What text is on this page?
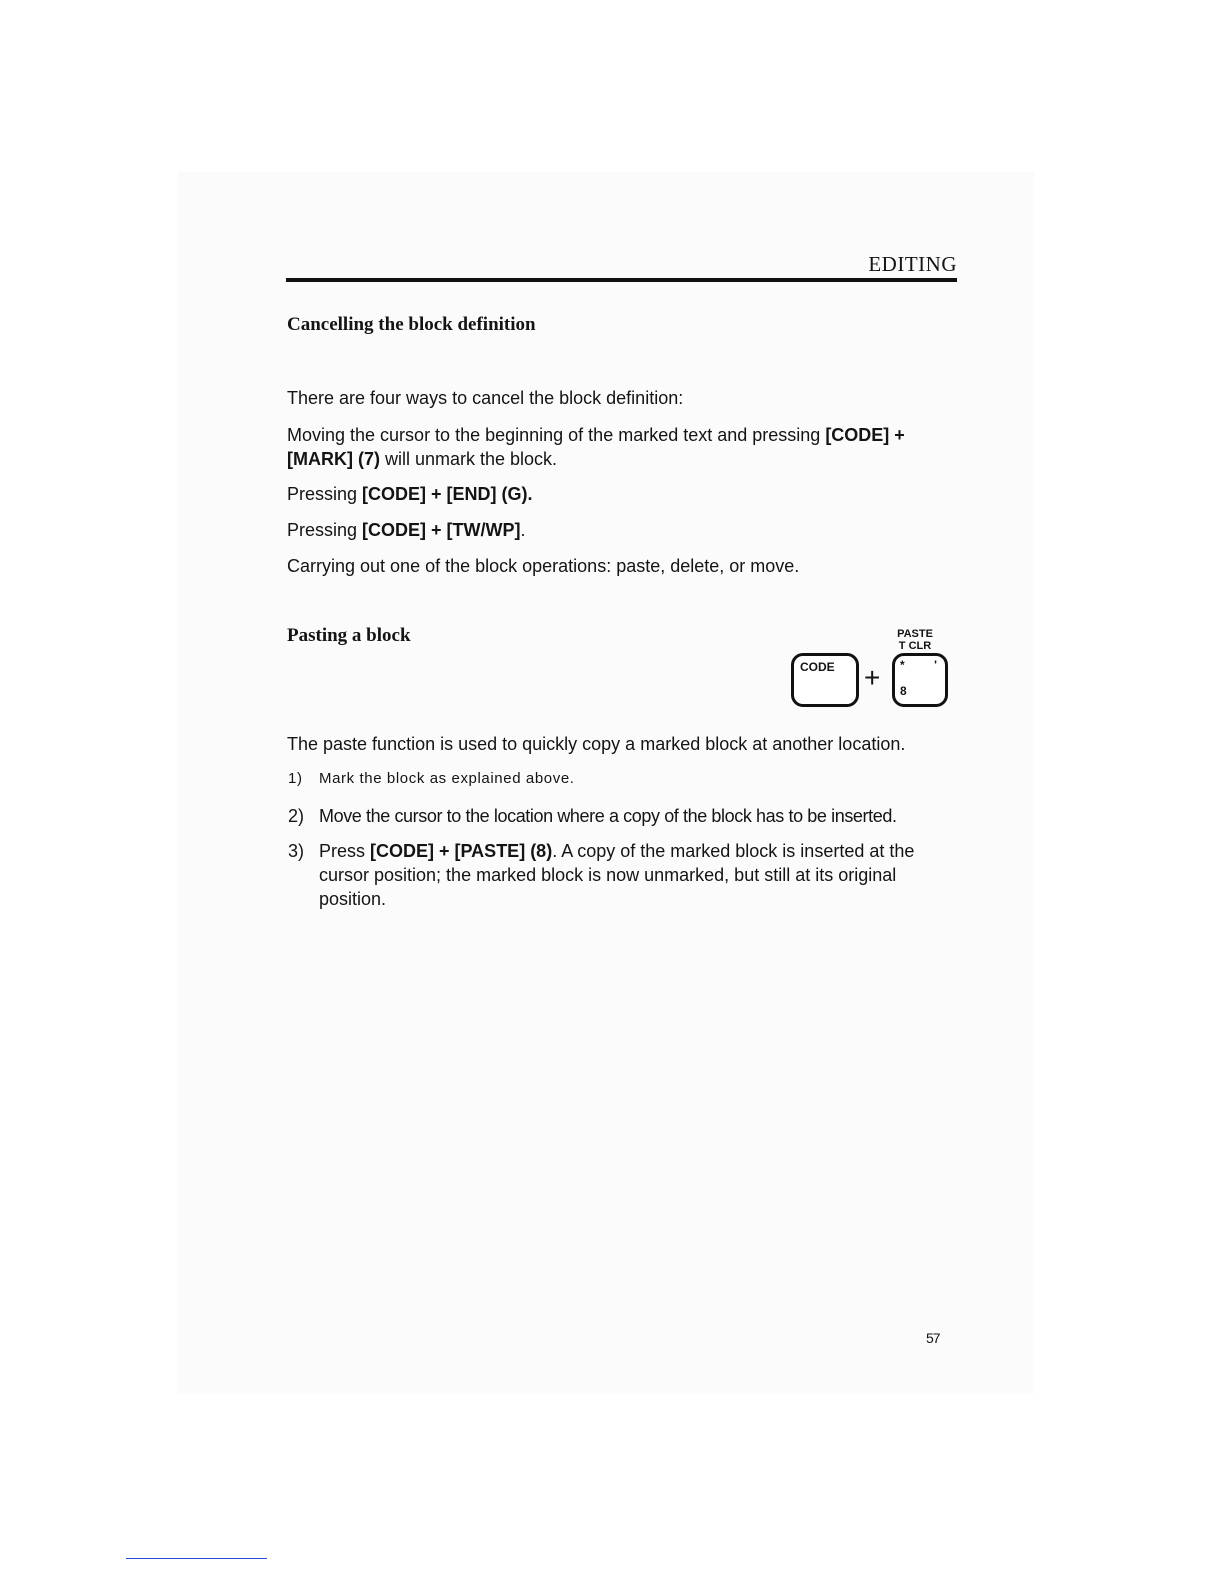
EDITING
Cancelling the block definition

There are four ways to cancel the block definition:

Moving the cursor to the beginning of the marked text and pressing [CODE] + [MARK] (7) will unmark the block.

Pressing [CODE] + [END] (G).

Pressing [CODE] + [TW/WP].

Carrying out one of the block operations: paste, delete, or move.

Pasting a block	PASTE
T CLR
CODE + * '
8

The paste function is used to quickly copy a marked block at another location.

1)	Mark the block as explained above.
2) Move the cursor to the location where a copy of the block has to be inserted.
3) Press [CODE] + [PASTE] (8). A copy of the marked block is inserted at the cursor position; the marked block is now unmarked, but still at its original position.
57
